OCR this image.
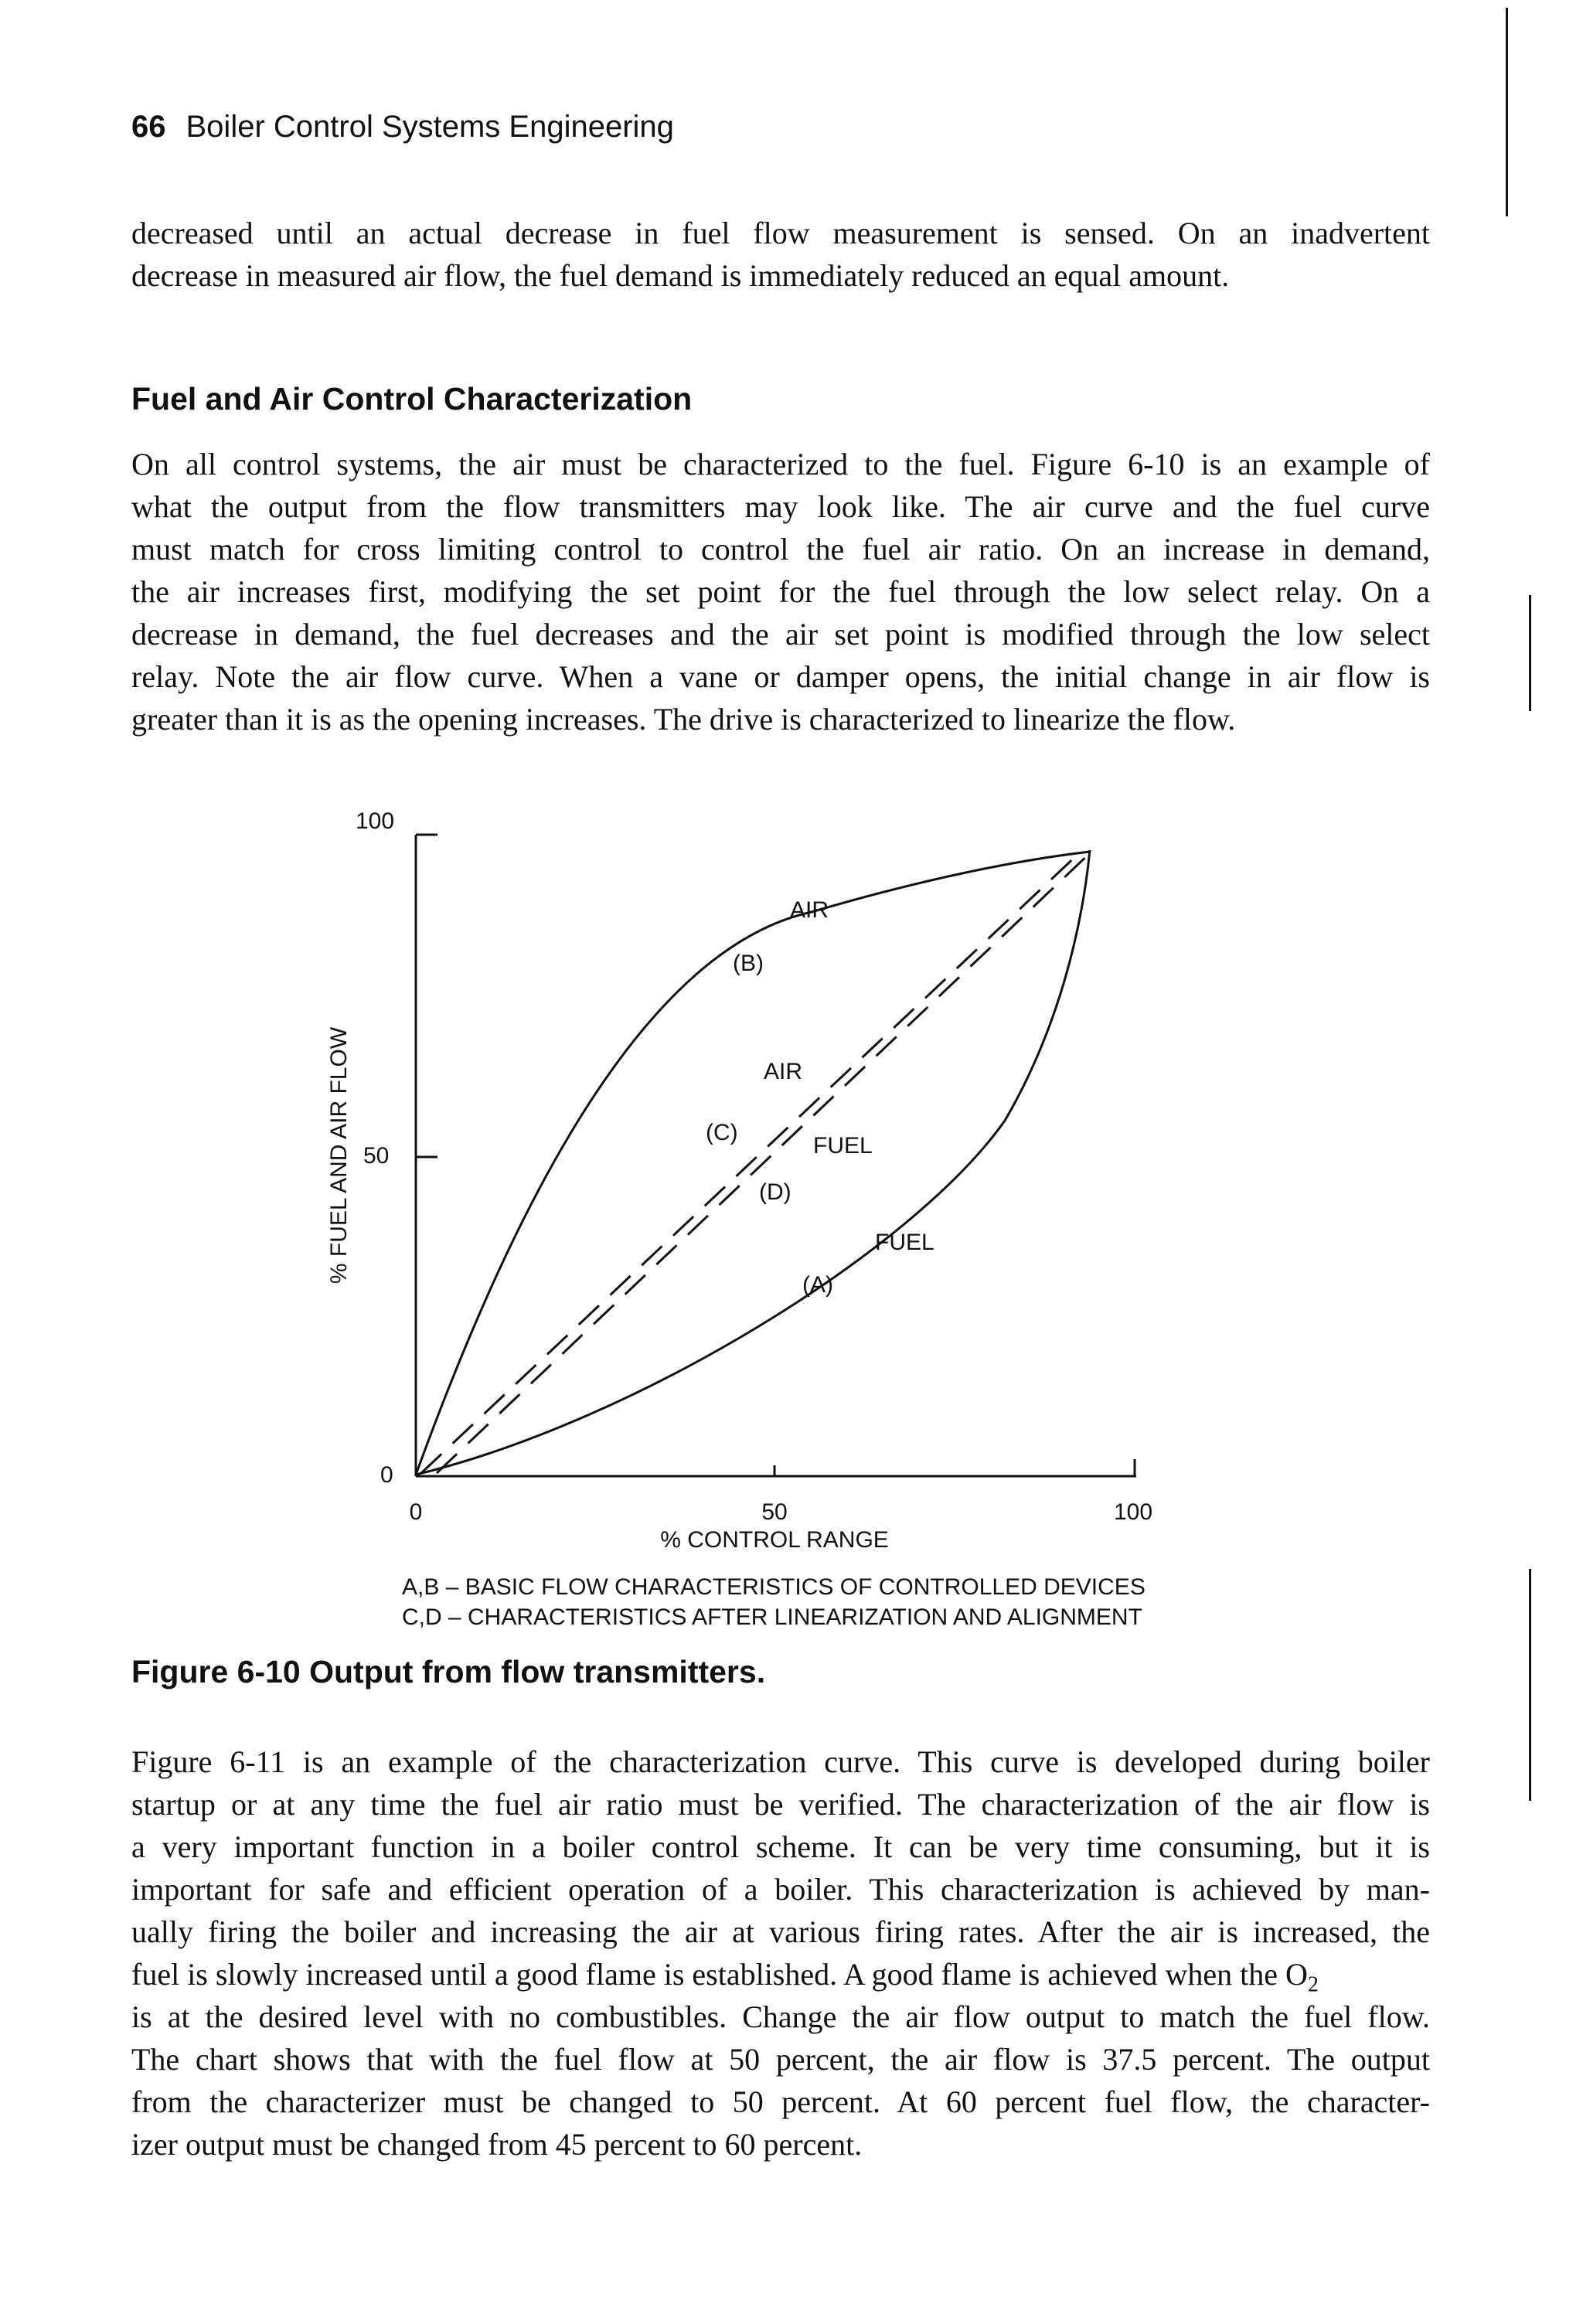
66 Boiler Control Systems Engineering
decreased until an actual decrease in fuel flow measurement is sensed. On an inadvertent
decrease in measured air flow, the fuel demand is immediately reduced an equal amount.
Fuel and Air Control Characterization
On all control systems, the air must be characterized to the fuel. Figure 6-10 is an example of
what the output from the flow transmitters may look like. The air curve and the fuel curve
must match for cross limiting control to control the fuel air ratio. On an increase in demand,
the air increases first, modifying the set point for the fuel through the low select relay. On a
decrease in demand, the fuel decreases and the air set point is modified through the low select
relay. Note the air flow curve. When a vane or damper opens, the initial change in air flow is
greater than it is as the opening increases. The drive is characterized to linearize the flow.
100
50
0
0	50	100
% CONTROL RANGE
% FUEL AND AIR FLOW
AIR
(B)
AIR
(C)
FUEL
(D)
FUEL
(A)
A,B – BASIC FLOW CHARACTERISTICS OF CONTROLLED DEVICES
C,D – CHARACTERISTICS AFTER LINEARIZATION AND ALIGNMENT
Figure 6-10 Output from flow transmitters.
Figure 6-11 is an example of the characterization curve. This curve is developed during boiler
startup or at any time the fuel air ratio must be verified. The characterization of the air flow is
a very important function in a boiler control scheme. It can be very time consuming, but it is
important for safe and efficient operation of a boiler. This characterization is achieved by man-
ually firing the boiler and increasing the air at various firing rates. After the air is increased, the
fuel is slowly increased until a good flame is established. A good flame is achieved when the $O_2$
is at the desired level with no combustibles. Change the air flow output to match the fuel flow.
The chart shows that with the fuel flow at 50 percent, the air flow is 37.5 percent. The output
from the characterizer must be changed to 50 percent. At 60 percent fuel flow, the character-
izer output must be changed from 45 percent to 60 percent.
